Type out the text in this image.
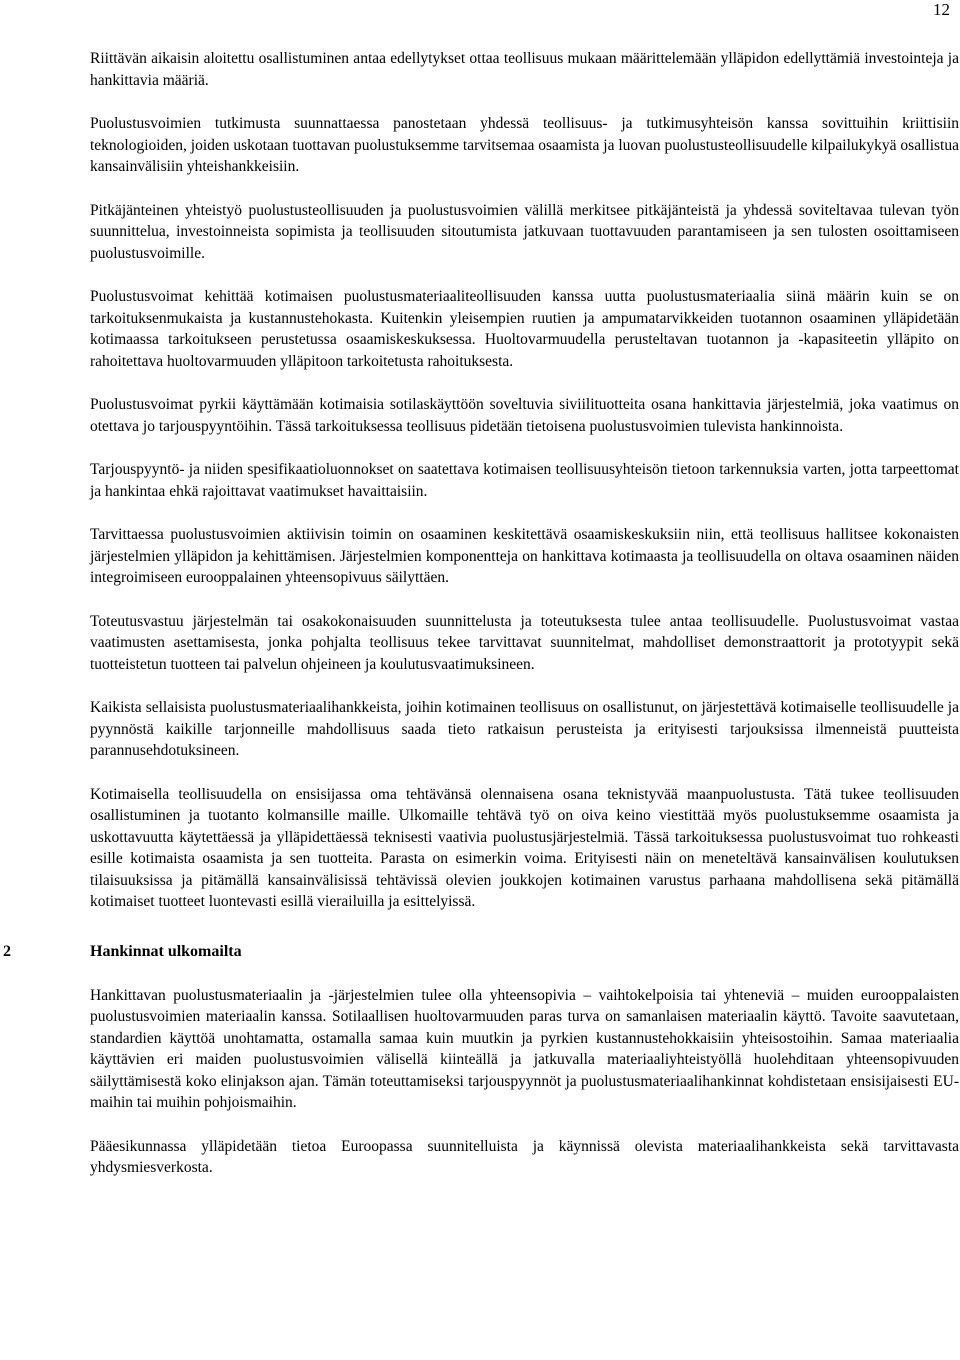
12

Riittävän aikaisin aloitettu osallistuminen antaa edellytykset ottaa teollisuus mukaan määrittelemään ylläpidon edellyttämiä investointeja ja hankittavia määriä.

Puolustusvoimien tutkimusta suunnattaessa panostetaan yhdessä teollisuus- ja tutkimusyhteisön kanssa sovittuihin kriittisiin teknologioiden, joiden uskotaan tuottavan puolustuksemme tarvitsemaa osaamista ja luovan puolustusteollisuudelle kilpailukykyä osallistua kansainvälisiin yhteishankkeisiin.

Pitkäjänteinen yhteistyö puolustusteollisuuden ja puolustusvoimien välillä merkitsee pitkäjänteistä ja yhdessä soviteltavaa tulevan työn suunnittelua, investoinneista sopimista ja teollisuuden sitoutumista jatkuvaan tuottavuuden parantamiseen ja sen tulosten osoittamiseen puolustusvoimille.

Puolustusvoimat kehittää kotimaisen puolustusmateriaaliteollisuuden kanssa uutta puolustusmateriaalia siinä määrin kuin se on tarkoituksenmukaista ja kustannustehokasta. Kuitenkin yleisempien ruutien ja ampumatarvikkeiden tuotannon osaaminen ylläpidetään kotimaassa tarkoitukseen perustetussa osaamiskeskuksessa. Huoltovarmuudella perusteltavan tuotannon ja -kapasiteetin ylläpito on rahoitettava huoltovarmuuden ylläpitoon tarkoitetusta rahoituksesta.

Puolustusvoimat pyrkii käyttämään kotimaisia sotilaskäyttöön soveltuvia siviilituotteita osana hankittavia järjestelmiä, joka vaatimus on otettava jo tarjouspyyntöihin. Tässä tarkoituksessa teollisuus pidetään tietoisena puolustusvoimien tulevista hankinnoista.

Tarjouspyyntö- ja niiden spesifikaatioluonnokset on saatettava kotimaisen teollisuusyhteisön tietoon tarkennuksia varten, jotta tarpeettomat ja hankintaa ehkä rajoittavat vaatimukset havaittaisiin.

Tarvittaessa puolustusvoimien aktiivisin toimin on osaaminen keskitettävä osaamiskeskuksiin niin, että teollisuus hallitsee kokonaisten järjestelmien ylläpidon ja kehittämisen. Järjestelmien komponentteja on hankittava kotimaasta ja teollisuudella on oltava osaaminen näiden integroimiseen eurooppalainen yhteensopivuus säilyttäen.

Toteutusvastuu järjestelmän tai osakokonaisuuden suunnittelusta ja toteutuksesta tulee antaa teollisuudelle. Puolustusvoimat vastaa vaatimusten asettamisesta, jonka pohjalta teollisuus tekee tarvittavat suunnitelmat, mahdolliset demonstraattorit ja prototyypit sekä tuotteistetun tuotteen tai palvelun ohjeineen ja koulutusvaatimuksineen.

Kaikista sellaisista puolustusmateriaalihankkeista, joihin kotimainen teollisuus on osallistunut, on järjestettävä kotimaiselle teollisuudelle ja pyynnöstä kaikille tarjonneille mahdollisuus saada tieto ratkaisun perusteista ja erityisesti tarjouksissa ilmenneistä puutteista parannusehdotuksineen.

Kotimaisella teollisuudella on ensisijassa oma tehtävänsä olennaisena osana teknistyvää maanpuolustusta. Tätä tukee teollisuuden osallistuminen ja tuotanto kolmansille maille. Ulkomaille tehtävä työ on oiva keino viestittää myös puolustuksemme osaamista ja uskottavuutta käytettäessä ja ylläpidettäessä teknisesti vaativia puolustusjärjestelmiä. Tässä tarkoituksessa puolustusvoimat tuo rohkeasti esille kotimaista osaamista ja sen tuotteita. Parasta on esimerkin voima. Erityisesti näin on meneteltävä kansainvälisen koulutuksen tilaisuuksissa ja pitämällä kansainvälisissä tehtävissä olevien joukkojen kotimainen varustus parhaana mahdollisena sekä pitämällä kotimaiset tuotteet luontevasti esillä vierailuilla ja esittelyissä.

2	Hankinnat ulkomailta

Hankittavan puolustusmateriaalin ja -järjestelmien tulee olla yhteensopivia – vaihtokelpoisia tai yhteneviä – muiden eurooppalaisten puolustusvoimien materiaalin kanssa. Sotilaallisen huoltovarmuuden paras turva on samanlaisen materiaalin käyttö. Tavoite saavutetaan, standardien käyttöä unohtamatta, ostamalla samaa kuin muutkin ja pyrkien kustannustehokkaisiin yhteisostoihin. Samaa materiaalia käyttävien eri maiden puolustusvoimien välisellä kiinteällä ja jatkuvalla materiaaliyhteistyöllä huolehditaan yhteensopivuuden säilyttämisestä koko elinjakson ajan. Tämän toteuttamiseksi tarjouspyynnöt ja puolustusmateriaalihankinnat kohdistetaan ensisijaisesti EU-maihin tai muihin pohjoismaihin.

Pääesikunnassa ylläpidetään tietoa Euroopassa suunnitelluista ja käynnissä olevista materiaalihankkeista sekä tarvittavasta yhdysmiesverkosta.
